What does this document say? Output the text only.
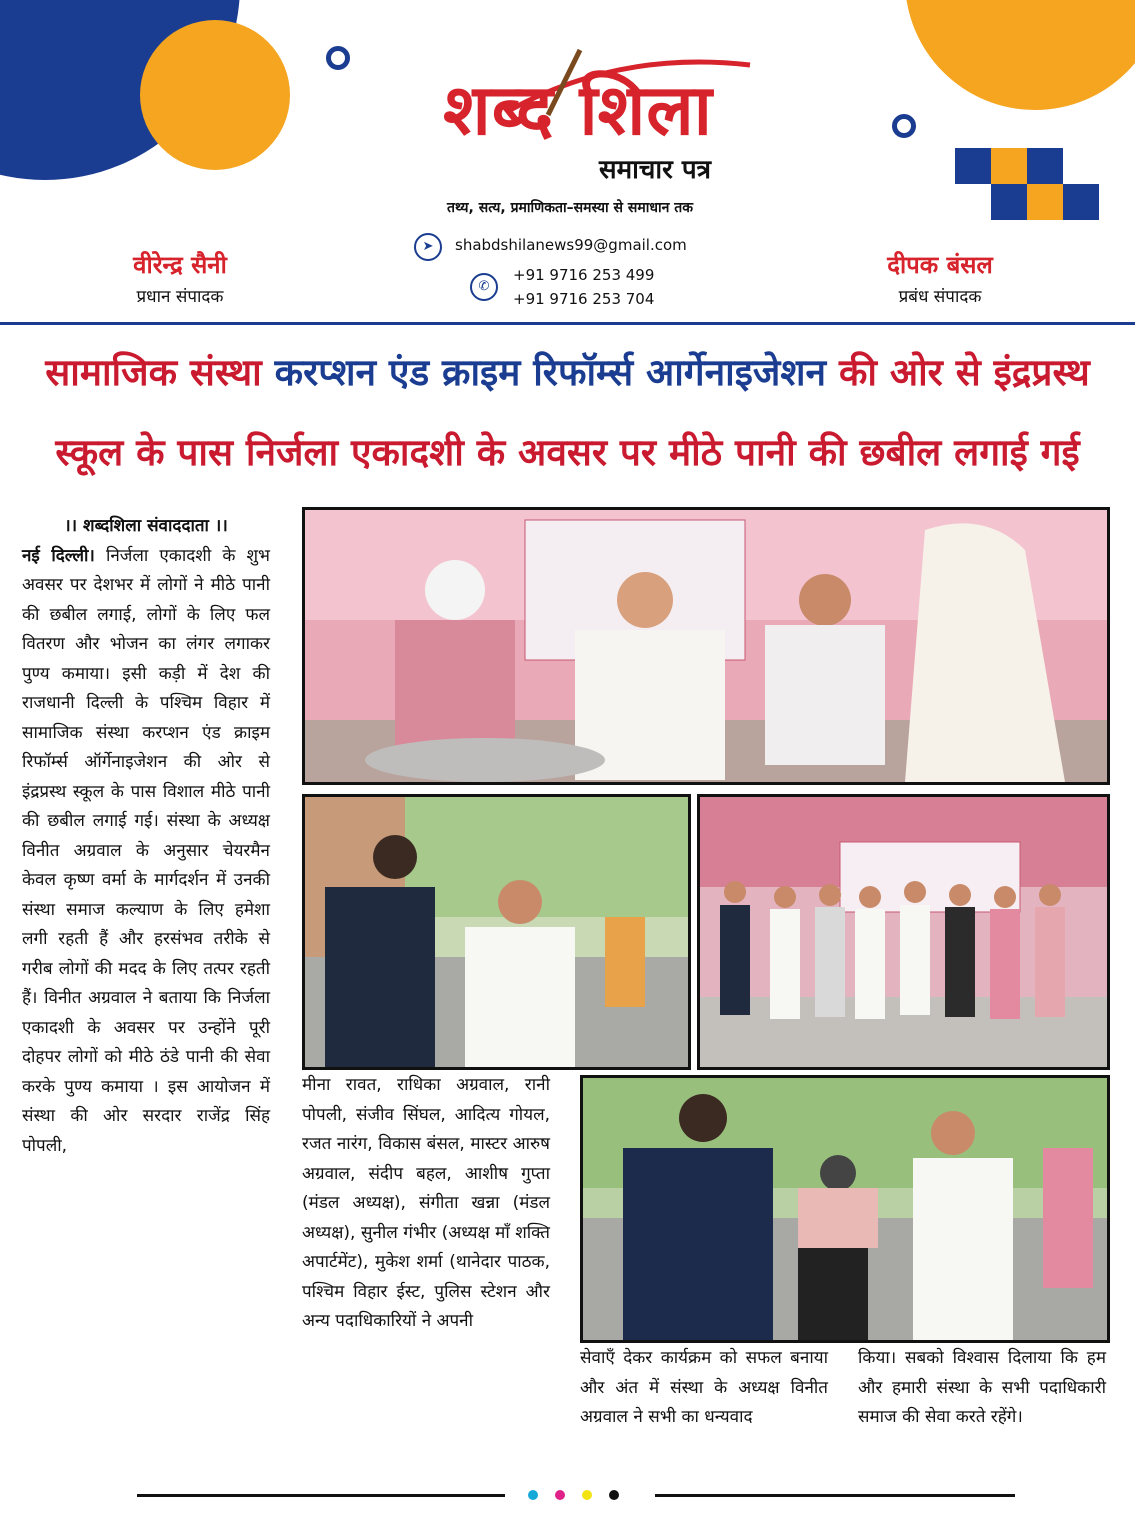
शब्द शिला
समाचार पत्र
तथ्य, सत्य, प्रमाणिकता–समस्या से समाधान तक
➤	shabdshilanews99@gmail.com
✆
+91 9716 253 499
+91 9716 253 704
वीरेन्द्र सैनी
प्रधान संपादक
दीपक बंसल
प्रबंध संपादक
सामाजिक संस्था करप्शन एंड क्राइम रिफॉर्म्स आर्गेनाइजेशन की ओर से इंद्रप्रस्थ
स्कूल के पास निर्जला एकादशी के अवसर पर मीठे पानी की छबील लगाई गई
।। शब्दशिला संवाददाता ।।
नई दिल्ली। निर्जला एकादशी के शुभ अवसर पर देशभर में लोगों ने मीठे पानी की छबील लगाई, लोगों के लिए फल वितरण और भोजन का लंगर लगाकर पुण्य कमाया। इसी कड़ी में देश की राजधानी दिल्ली के पश्चिम विहार में सामाजिक संस्था करप्शन एंड क्राइम रिफॉर्म्स ऑर्गेनाइजेशन की ओर से इंद्रप्रस्थ स्कूल के पास विशाल मीठे पानी की छबील लगाई गई। संस्था के अध्यक्ष विनीत अग्रवाल के अनुसार चेयरमैन केवल कृष्ण वर्मा के मार्गदर्शन में उनकी संस्था समाज कल्याण के लिए हमेशा लगी रहती हैं और हरसंभव तरीके से गरीब लोगों की मदद के लिए तत्पर रहती हैं। विनीत अग्रवाल ने बताया कि निर्जला एकादशी के अवसर पर उन्होंने पूरी दोहपर लोगों को मीठे ठंडे पानी की सेवा करके पुण्य कमाया । इस आयोजन में संस्था की ओर सरदार राजेंद्र सिंह पोपली,
मीना रावत, राधिका अग्रवाल, रानी पोपली, संजीव सिंघल, आदित्य गोयल, रजत नारंग, विकास बंसल, मास्टर आरुष अग्रवाल, संदीप बहल, आशीष गुप्ता (मंडल अध्यक्ष), संगीता खन्ना (मंडल अध्यक्ष), सुनील गंभीर (अध्यक्ष माँ शक्ति अपार्टमेंट), मुकेश शर्मा (थानेदार पाठक, पश्चिम विहार ईस्ट, पुलिस स्टेशन और अन्य पदाधिकारियों ने अपनी
सेवाएँ देकर कार्यक्रम को सफल बनाया और अंत में संस्था के अध्यक्ष विनीत अग्रवाल ने सभी का धन्यवाद
किया। सबको विश्वास दिलाया कि हम और हमारी संस्था के सभी पदाधिकारी समाज की सेवा करते रहेंगे।
